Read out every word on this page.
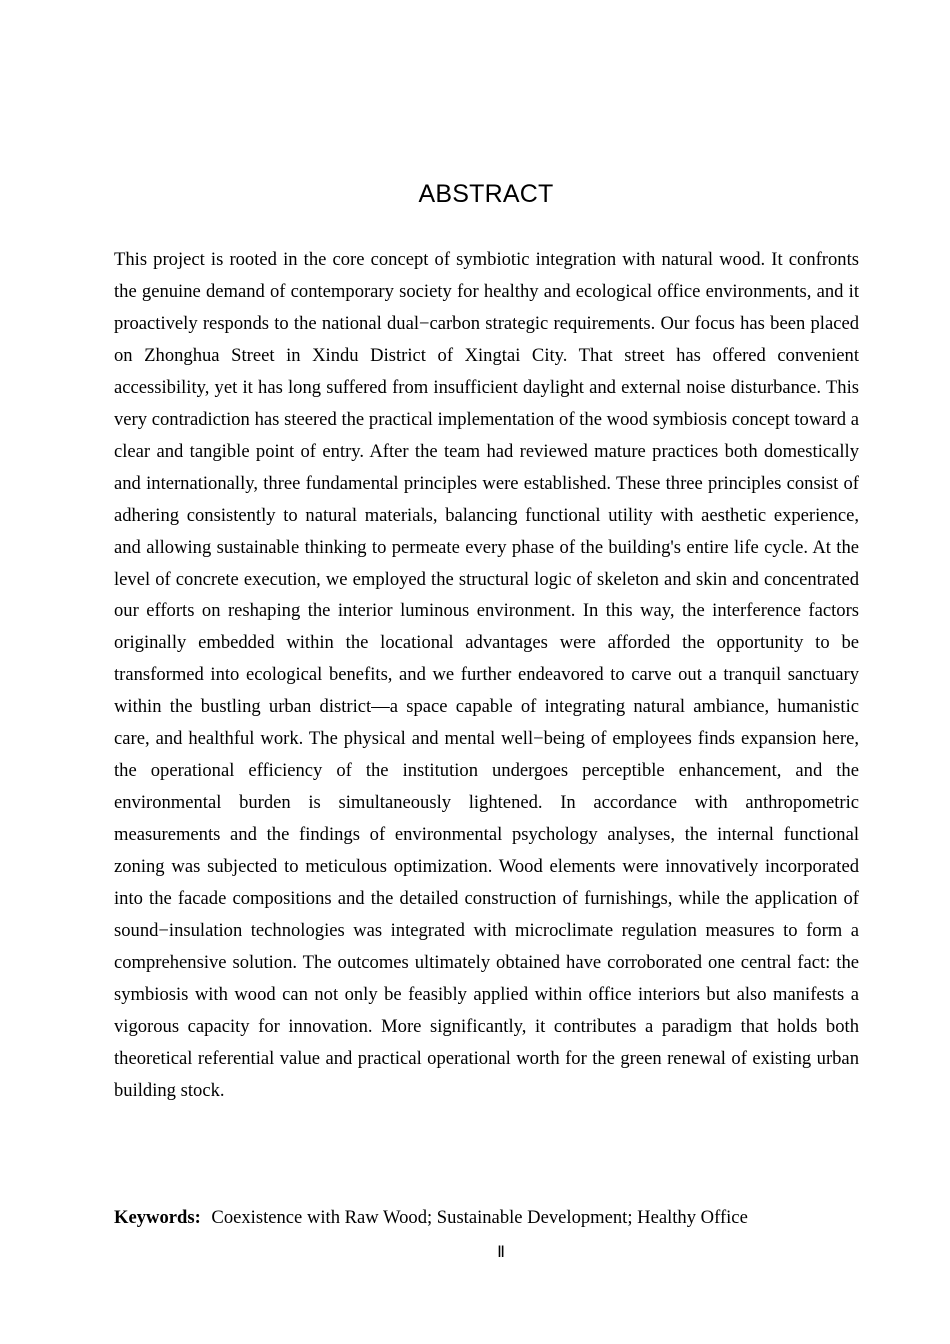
ABSTRACT

This project is rooted in the core concept of symbiotic integration with natural wood. It confronts the genuine demand of contemporary society for healthy and ecological office environments, and it proactively responds to the national dual−carbon strategic requirements. Our focus has been placed on Zhonghua Street in Xindu District of Xingtai City. That street has offered convenient accessibility, yet it has long suffered from insufficient daylight and external noise disturbance. This very contradiction has steered the practical implementation of the wood symbiosis concept toward a clear and tangible point of entry. After the team had reviewed mature practices both domestically and internationally, three fundamental principles were established. These three principles consist of adhering consistently to natural materials, balancing functional utility with aesthetic experience, and allowing sustainable thinking to permeate every phase of the building's entire life cycle. At the level of concrete execution, we employed the structural logic of skeleton and skin and concentrated our efforts on reshaping the interior luminous environment. In this way, the interference factors originally embedded within the locational advantages were afforded the opportunity to be transformed into ecological benefits, and we further endeavored to carve out a tranquil sanctuary within the bustling urban district—a space capable of integrating natural ambiance, humanistic care, and healthful work. The physical and mental well−being of employees finds expansion here, the operational efficiency of the institution undergoes perceptible enhancement, and the environmental burden is simultaneously lightened. In accordance with anthropometric measurements and the findings of environmental psychology analyses, the internal functional zoning was subjected to meticulous optimization. Wood elements were innovatively incorporated into the facade compositions and the detailed construction of furnishings, while the application of sound−insulation technologies was integrated with microclimate regulation measures to form a comprehensive solution. The outcomes ultimately obtained have corroborated one central fact: the symbiosis with wood can not only be feasibly applied within office interiors but also manifests a vigorous capacity for innovation. More significantly, it contributes a paradigm that holds both theoretical referential value and practical operational worth for the green renewal of existing urban building stock.

Keywords: Coexistence with Raw Wood; Sustainable Development; Healthy Office
Ⅱ
